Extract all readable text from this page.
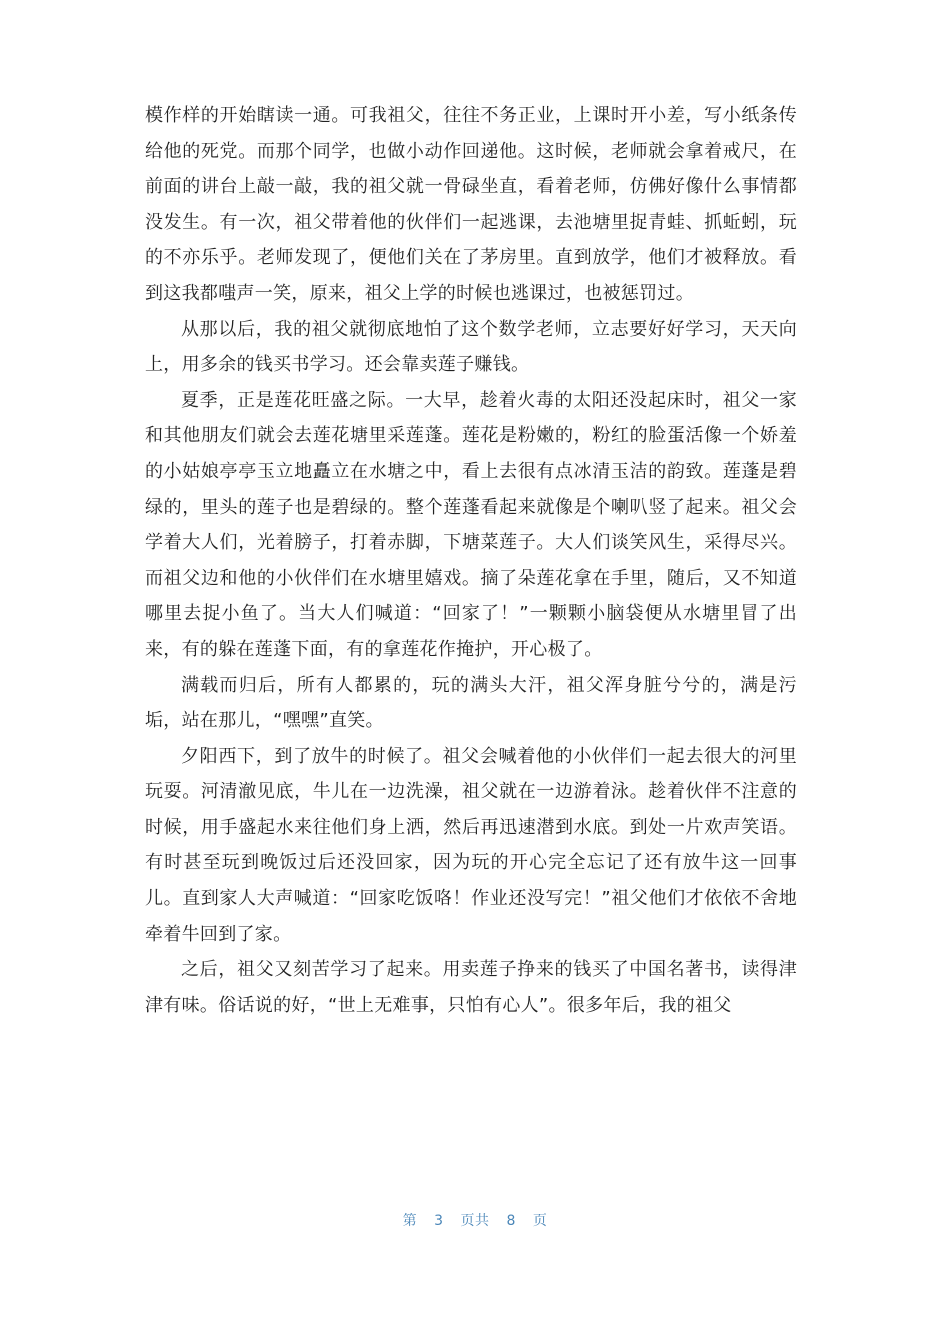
模作样的开始瞎读一通。可我祖父，往往不务正业，上课时开小差，写小纸条传给他的死党。而那个同学，也做小动作回递他。这时候，老师就会拿着戒尺，在前面的讲台上敲一敲，我的祖父就一骨碌坐直，看着老师，仿佛好像什么事情都没发生。有一次，祖父带着他的伙伴们一起逃课，去池塘里捉青蛙、抓蚯蚓，玩的不亦乐乎。老师发现了，便他们关在了茅房里。直到放学，他们才被释放。看到这我都嗤声一笑，原来，祖父上学的时候也逃课过，也被惩罚过。

从那以后，我的祖父就彻底地怕了这个数学老师，立志要好好学习，天天向上，用多余的钱买书学习。还会靠卖莲子赚钱。

夏季，正是莲花旺盛之际。一大早，趁着火毒的太阳还没起床时，祖父一家和其他朋友们就会去莲花塘里采莲蓬。莲花是粉嫩的，粉红的脸蛋活像一个娇羞的小姑娘亭亭玉立地矗立在水塘之中，看上去很有点冰清玉洁的韵致。莲蓬是碧绿的，里头的莲子也是碧绿的。整个莲蓬看起来就像是个喇叭竖了起来。祖父会学着大人们，光着膀子，打着赤脚，下塘菜莲子。大人们谈笑风生，采得尽兴。而祖父边和他的小伙伴们在水塘里嬉戏。摘了朵莲花拿在手里，随后，又不知道哪里去捉小鱼了。当大人们喊道：“回家了！”一颗颗小脑袋便从水塘里冒了出来，有的躲在莲蓬下面，有的拿莲花作掩护，开心极了。

满载而归后，所有人都累的，玩的满头大汗，祖父浑身脏兮兮的，满是污垢，站在那儿，“嘿嘿”直笑。

夕阳西下，到了放牛的时候了。祖父会喊着他的小伙伴们一起去很大的河里玩耍。河清澈见底，牛儿在一边洗澡，祖父就在一边游着泳。趁着伙伴不注意的时候，用手盛起水来往他们身上洒，然后再迅速潜到水底。到处一片欢声笑语。有时甚至玩到晚饭过后还没回家，因为玩的开心完全忘记了还有放牛这一回事儿。直到家人大声喊道：“回家吃饭咯！作业还没写完！”祖父他们才依依不舍地牵着牛回到了家。

之后，祖父又刻苦学习了起来。用卖莲子挣来的钱买了中国名著书，读得津津有味。俗话说的好，“世上无难事，只怕有心人”。很多年后，我的祖父

第 3 页共 8 页
